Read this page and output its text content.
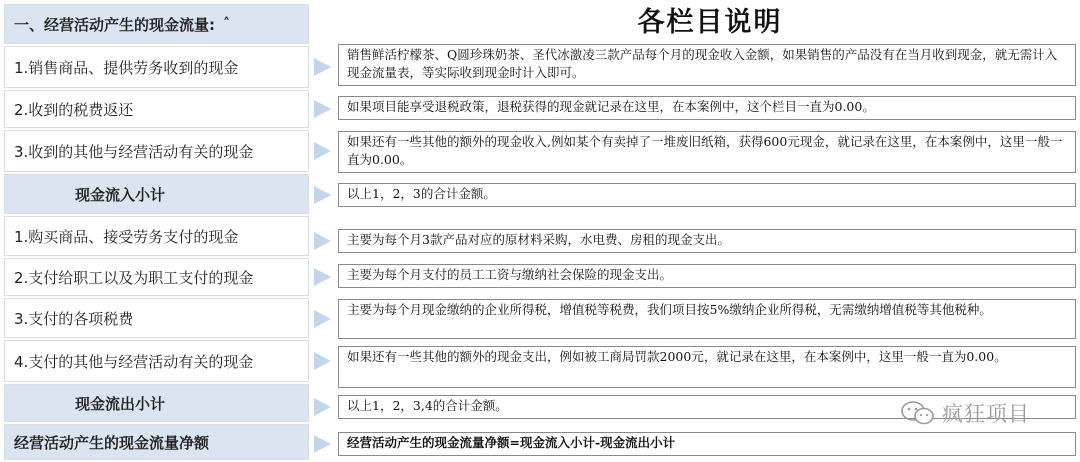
一、经营活动产生的现金流量: ˄
1.销售商品、提供劳务收到的现金
2.收到的税费返还
3.收到的其他与经营活动有关的现金
现金流入小计
1.购买商品、接受劳务支付的现金
2.支付给职工以及为职工支付的现金
3.支付的各项税费
4.支付的其他与经营活动有关的现金
现金流出小计
经营活动产生的现金流量净额
各栏目说明
销售鲜活柠檬茶、Q圆珍珠奶茶、圣代冰激凌三款产品每个月的现金收入金额，如果销售的产品没有在当月收到现金，就无需计入现金流量表，等实际收到现金时计入即可。
如果项目能享受退税政策，退税获得的现金就记录在这里，在本案例中，这个栏目一直为0.00。
如果还有一些其他的额外的现金收入,例如某个有卖掉了一堆废旧纸箱，获得600元现金，就记录在这里，在本案例中，这里一般一直为0.00。
以上1，2，3的合计金额。
主要为每个月3款产品对应的原材料采购，水电费、房租的现金支出。
主要为每个月支付的员工工资与缴纳社会保险的现金支出。
主要为每个月现金缴纳的企业所得税，增值税等税费，我们项目按5%缴纳企业所得税，无需缴纳增值税等其他税种。
如果还有一些其他的额外的现金支出，例如被工商局罚款2000元，就记录在这里，在本案例中，这里一般一直为0.00。
以上1，2，3,4的合计金额。
经营活动产生的现金流量净额=现金流入小计-现金流出小计
疯狂项目
